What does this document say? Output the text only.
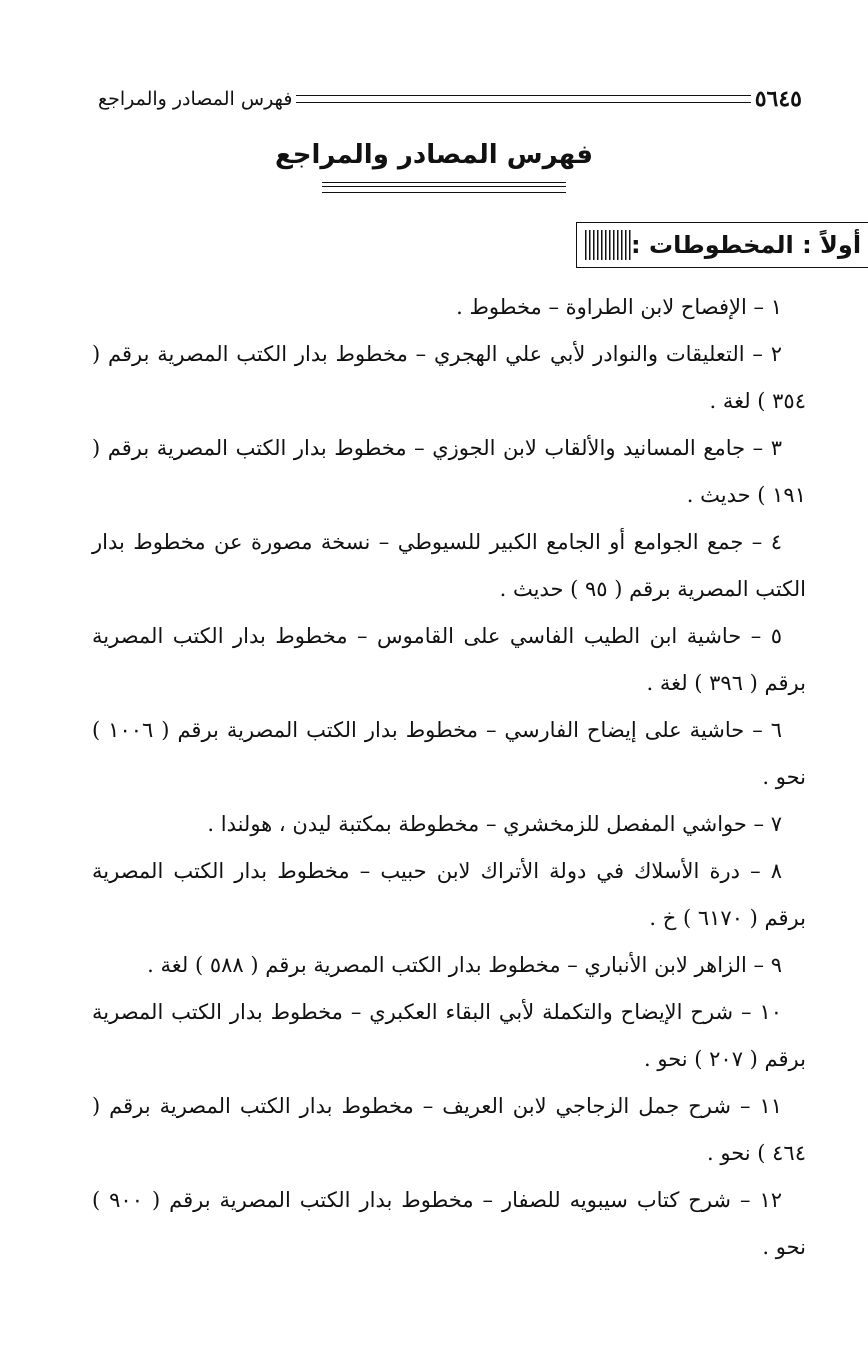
فهرس المصادر والمراجع	٥٦٤٥
فهرس المصادر والمراجع
أولاً : المخطوطات :

١ – الإفصاح لابن الطراوة – مخطوط .

٢ – التعليقات والنوادر لأبي علي الهجري – مخطوط بدار الكتب المصرية برقم ( ٣٥٤ ) لغة .

٣ – جامع المسانيد والألقاب لابن الجوزي – مخطوط بدار الكتب المصرية برقم ( ١٩١ ) حديث .

٤ – جمع الجوامع أو الجامع الكبير للسيوطي – نسخة مصورة عن مخطوط بدار الكتب المصرية برقم ( ٩٥ ) حديث .

٥ – حاشية ابن الطيب الفاسي على القاموس – مخطوط بدار الكتب المصرية برقم ( ٣٩٦ ) لغة .

٦ – حاشية على إيضاح الفارسي – مخطوط بدار الكتب المصرية برقم ( ١٠٠٦ ) نحو .

٧ – حواشي المفصل للزمخشري – مخطوطة بمكتبة ليدن ، هولندا .

٨ – درة الأسلاك في دولة الأتراك لابن حبيب – مخطوط بدار الكتب المصرية برقم ( ٦١٧٠ ) خ .

٩ – الزاهر لابن الأنباري – مخطوط بدار الكتب المصرية برقم ( ٥٨٨ ) لغة .

١٠ – شرح الإيضاح والتكملة لأبي البقاء العكبري – مخطوط بدار الكتب المصرية برقم ( ٢٠٧ ) نحو .

١١ – شرح جمل الزجاجي لابن العريف – مخطوط بدار الكتب المصرية برقم ( ٤٦٤ ) نحو .

١٢ – شرح كتاب سيبويه للصفار – مخطوط بدار الكتب المصرية برقم ( ٩٠٠ ) نحو .
